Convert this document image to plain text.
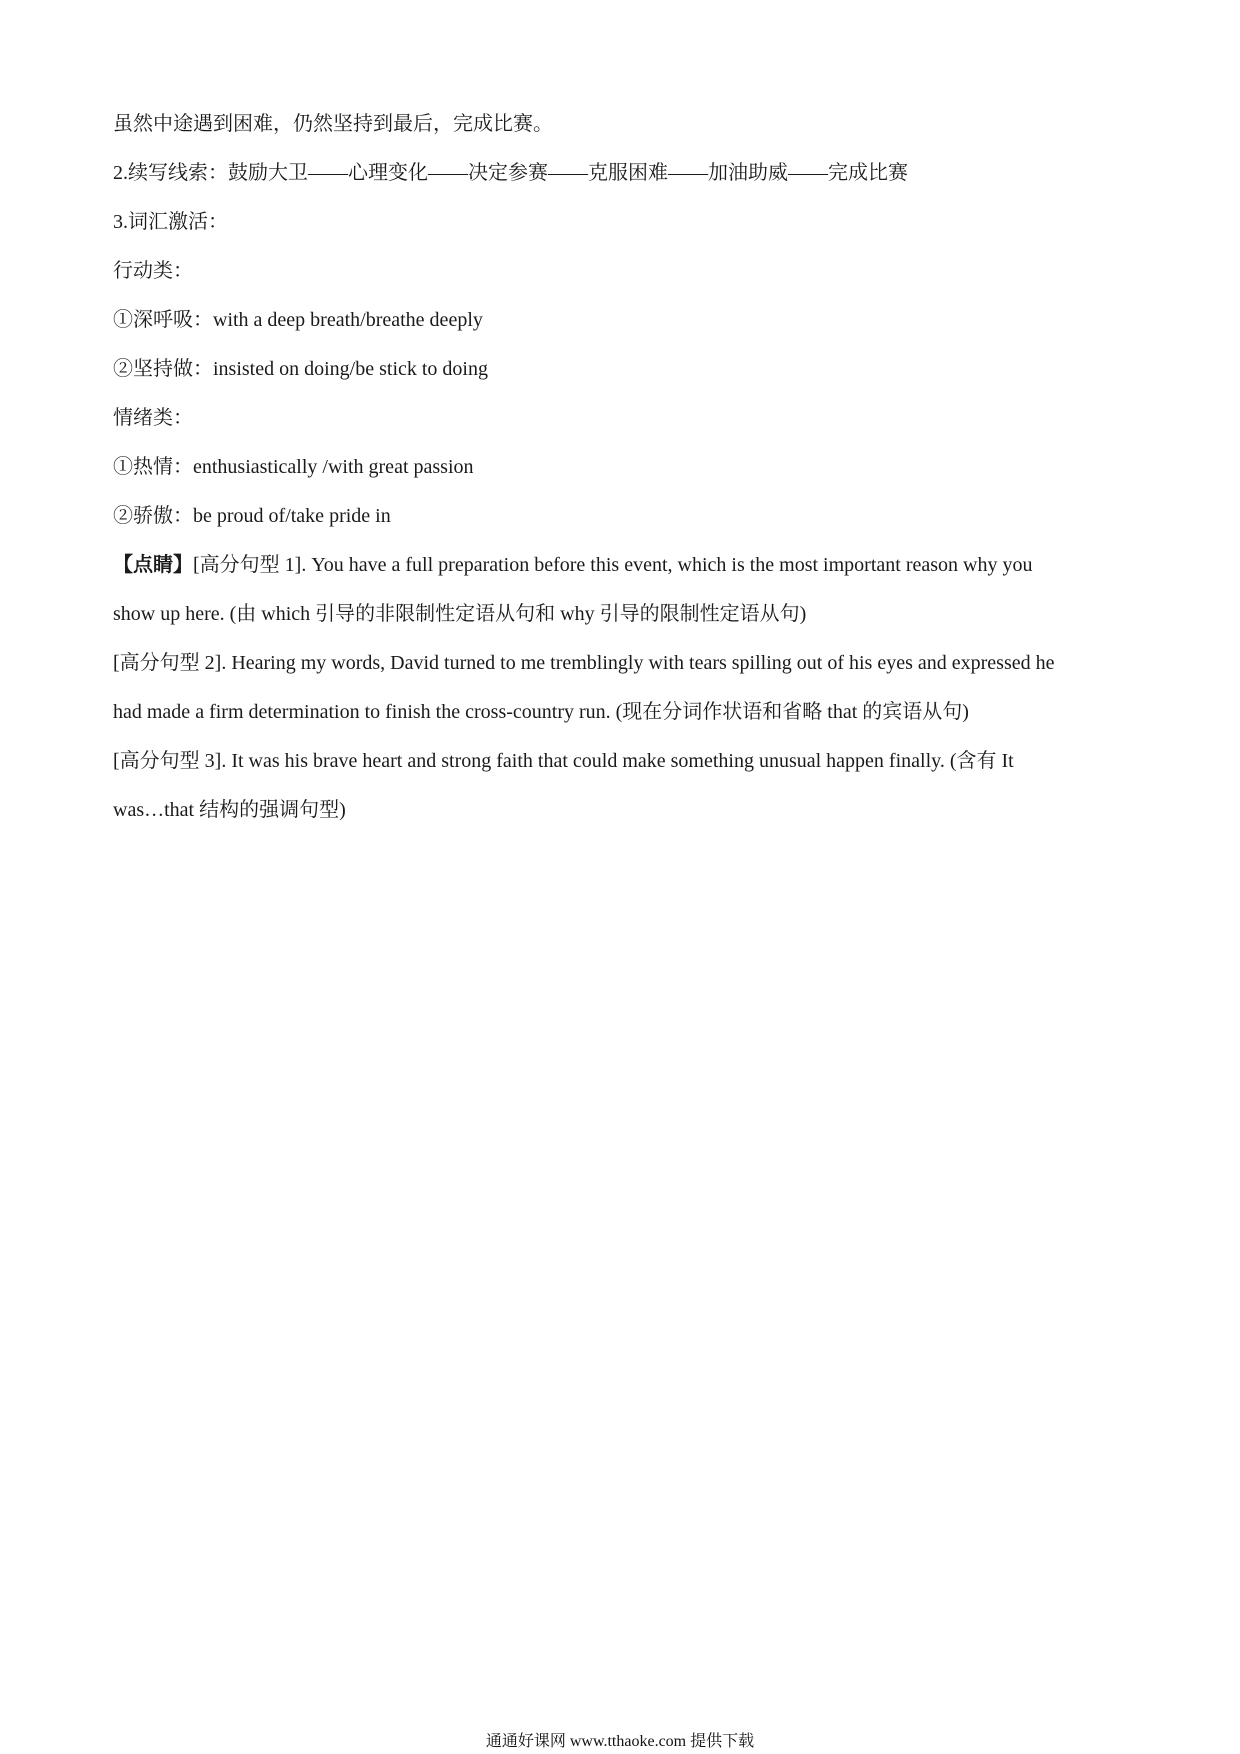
虽然中途遇到困难，仍然坚持到最后，完成比赛。

2.续写线索：鼓励大卫——心理变化——决定参赛——克服困难——加油助威——完成比赛

3.词汇激活：

行动类：

①深呼吸：with a deep breath/breathe deeply

②坚持做：insisted on doing/be stick to doing

情绪类：

①热情：enthusiastically /with great passion

②骄傲：be proud of/take pride in

【点睛】[高分句型 1]. You have a full preparation before this event, which is the most important reason why you

show up here. (由 which 引导的非限制性定语从句和 why 引导的限制性定语从句)

[高分句型 2]. Hearing my words, David turned to me tremblingly with tears spilling out of his eyes and expressed he

had made a firm determination to finish the cross-country run. (现在分词作状语和省略 that 的宾语从句)

[高分句型 3]. It was his brave heart and strong faith that could make something unusual happen finally. (含有 It

was…that 结构的强调句型)

通通好课网 www.tthaoke.com 提供下载
